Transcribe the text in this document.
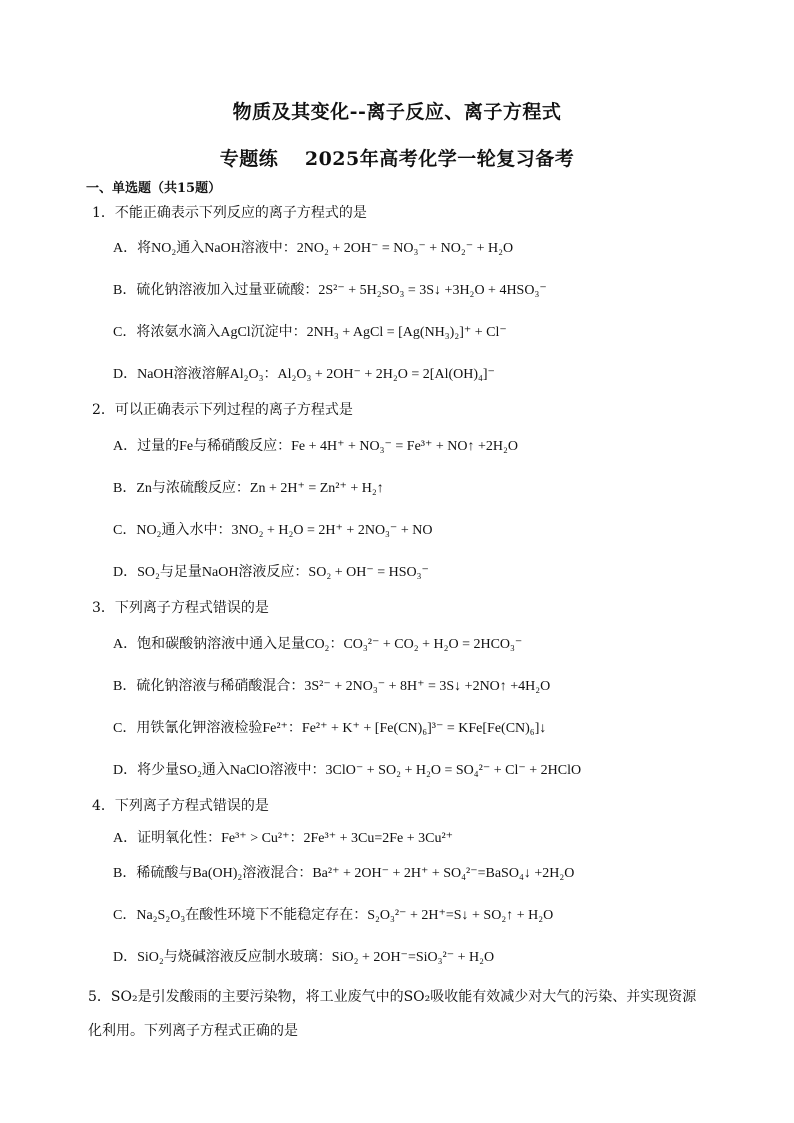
物质及其变化--离子反应、离子方程式
专题练　 2025年高考化学一轮复习备考
一、单选题（共15题）
1．不能正确表示下列反应的离子方程式的是
A．将NO₂通入NaOH溶液中：2NO₂ + 2OH⁻ = NO₃⁻ + NO₂⁻ + H₂O
B．硫化钠溶液加入过量亚硫酸：2S²⁻ + 5H₂SO₃ = 3S↓ +3H₂O + 4HSO₃⁻
C．将浓氨水滴入AgCl沉淀中：2NH₃ + AgCl = [Ag(NH₃)₂]⁺ + Cl⁻
D．NaOH溶液溶解Al₂O₃：Al₂O₃ + 2OH⁻ + 2H₂O = 2[Al(OH)₄]⁻
2．可以正确表示下列过程的离子方程式是
A．过量的Fe与稀硝酸反应：Fe + 4H⁺ + NO₃⁻ = Fe³⁺ + NO↑ +2H₂O
B．Zn与浓硫酸反应：Zn + 2H⁺ = Zn²⁺ + H₂↑
C．NO₂通入水中：3NO₂ + H₂O = 2H⁺ + 2NO₃⁻ + NO
D．SO₂与足量NaOH溶液反应：SO₂ + OH⁻ = HSO₃⁻
3．下列离子方程式错误的是
A．饱和碳酸钠溶液中通入足量CO₂：CO₃²⁻ + CO₂ + H₂O = 2HCO₃⁻
B．硫化钠溶液与稀硝酸混合：3S²⁻ + 2NO₃⁻ + 8H⁺ = 3S↓ +2NO↑ +4H₂O
C．用铁氰化钾溶液检验Fe²⁺：Fe²⁺ + K⁺ + [Fe(CN)₆]³⁻ = KFe[Fe(CN)₆]↓
D．将少量SO₂通入NaClO溶液中：3ClO⁻ + SO₂ + H₂O = SO₄²⁻ + Cl⁻ + 2HClO
4．下列离子方程式错误的是
A．证明氧化性：Fe³⁺ > Cu²⁺：2Fe³⁺ + 3Cu=2Fe + 3Cu²⁺
B．稀硫酸与Ba(OH)₂溶液混合：Ba²⁺ + 2OH⁻ + 2H⁺ + SO₄²⁻=BaSO₄↓ +2H₂O
C．Na₂S₂O₃在酸性环境下不能稳定存在：S₂O₃²⁻ + 2H⁺=S↓ + SO₂↑ + H₂O
D．SiO₂与烧碱溶液反应制水玻璃：SiO₂ + 2OH⁻=SiO₃²⁻ + H₂O
5．SO₂是引发酸雨的主要污染物，将工业废气中的SO₂吸收能有效减少对大气的污染、并实现资源
化利用。下列离子方程式正确的是
